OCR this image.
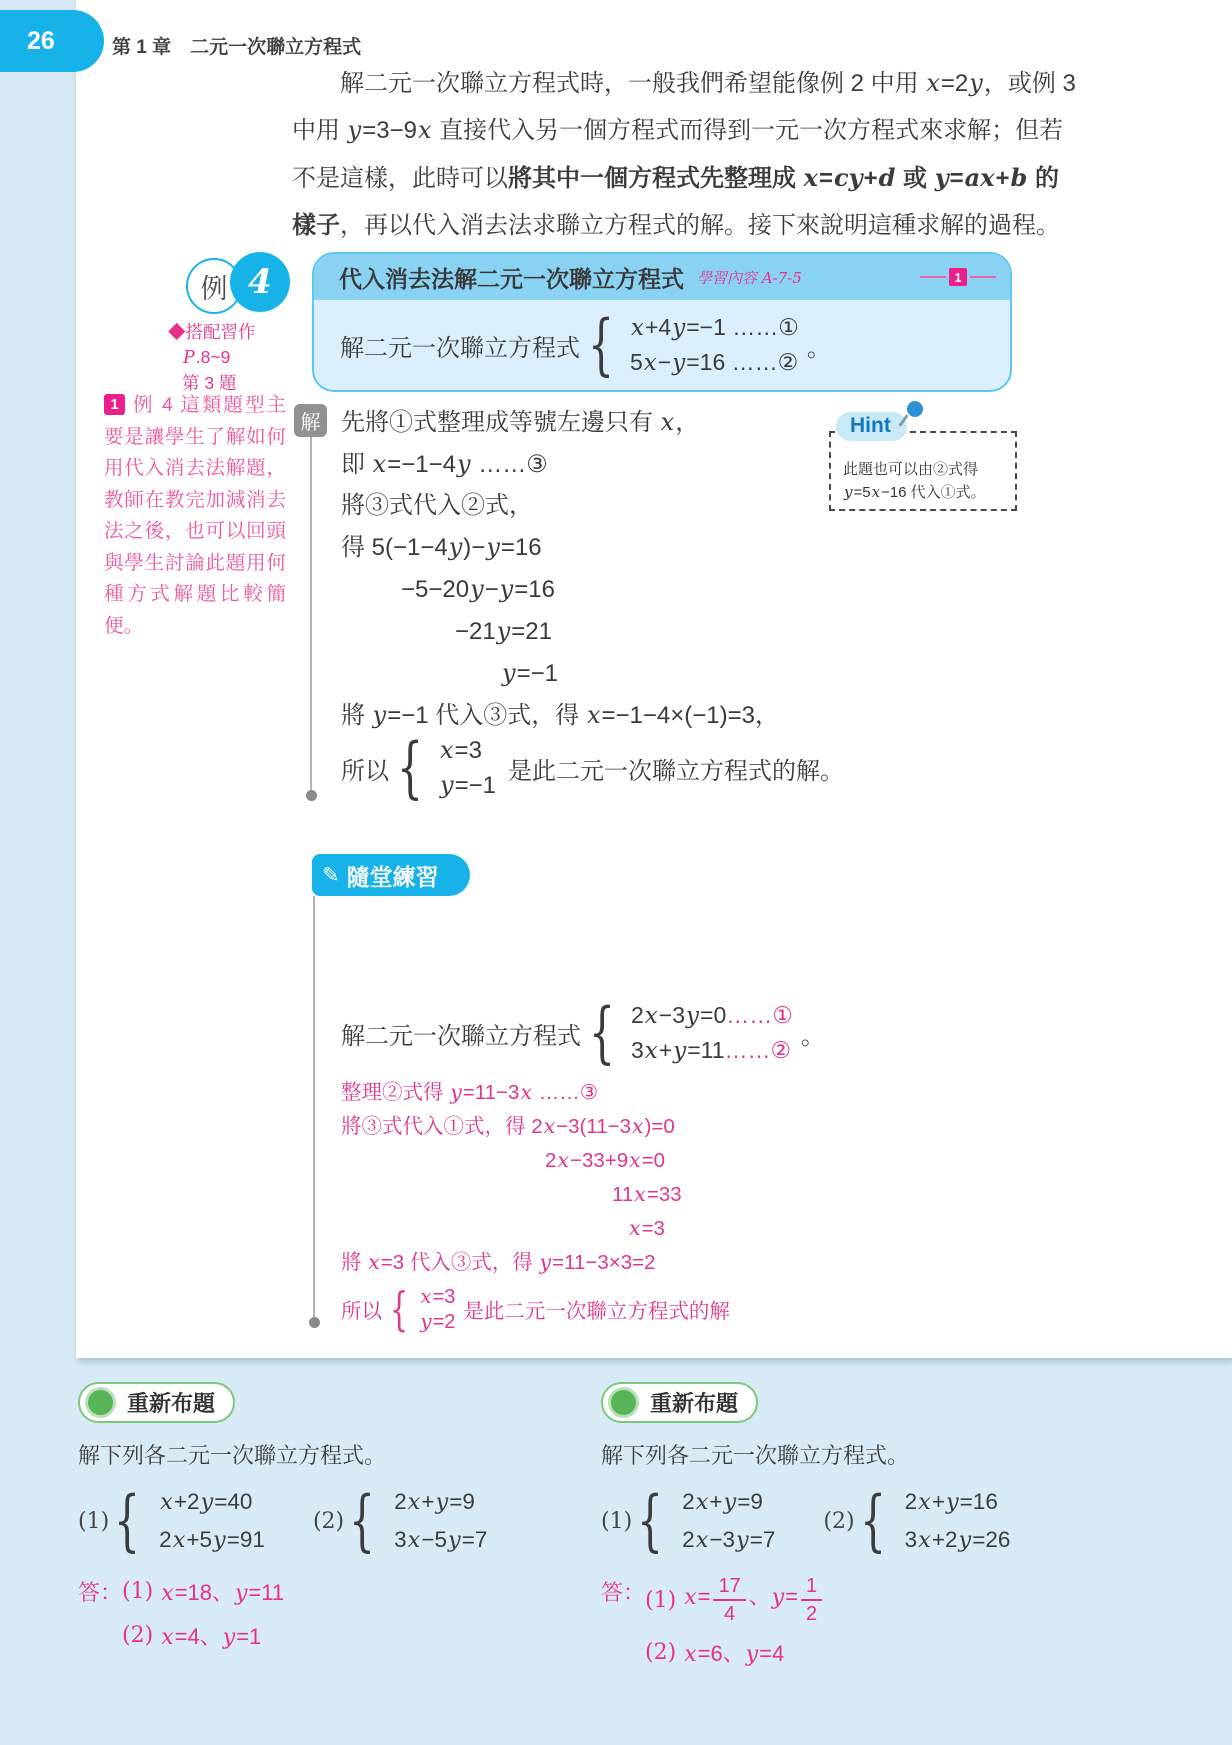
26	第 1 章　二元一次聯立方程式
解二元一次聯立方程式時，一般我們希望能像例 2 中用 x=2y，或例 3
中用 y=3−9x 直接代入另一個方程式而得到一元一次方程式來求解；但若
不是這樣，此時可以將其中一個方程式先整理成 x=cy+d 或 y=ax+b 的
樣子，再以代入消去法求聯立方程式的解。接下來說明這種求解的過程。
例 4
◆搭配習作
P.8~9
第 3 題
1 例 4 這類題型主要是讓學生了解如何用代入消去法解題，教師在教完加減消去法之後，也可以回頭與學生討論此題用何種方式解題比較簡便。
代入消去法解二元一次聯立方程式 學習內容 A-7-5	1
解二元一次聯立方程式 { x+4y=−1 ……①
5x−y=16 ……②
。
解 先將①式整理成等號左邊只有 x，
即 x=−1−4y ……③
將③式代入②式，
得 5(−1−4y)−y=16
−5−20y−y=16
−21y=21
y=−1
將 y=−1 代入③式，得 x=−1−4×(−1)=3，
所以 { x=3
y=−1
是此二元一次聯立方程式的解。
Hint
此題也可以由②式得 y=5x−16 代入①式。
✎ 隨堂練習
解二元一次聯立方程式 { 2x−3y=0……①
3x+y=11……②
。
整理②式得 y=11−3x ……③
將③式代入①式，得 2x−3(11−3x)=0
2x−33+9x=0
11x=33
x=3
將 x=3 代入③式，得 y=11−3×3=2
所以 { x=3
y=2 是此二元一次聯立方程式的解
重新布題
解下列各二元一次聯立方程式。
(1) { x+2y=40
2x+5y=91
(2) { 2x+y=9
3x−5y=7
答： (1) x=18、y=11
(2) x=4、y=1
重新布題
解下列各二元一次聯立方程式。
(1) { 2x+y=9
2x−3y=7
(2) { 2x+y=16
3x+2y=26
答： (1) $x= \frac{17}{4}$ 、$y= \frac{1}{2}$
(2) x=6、y=4
